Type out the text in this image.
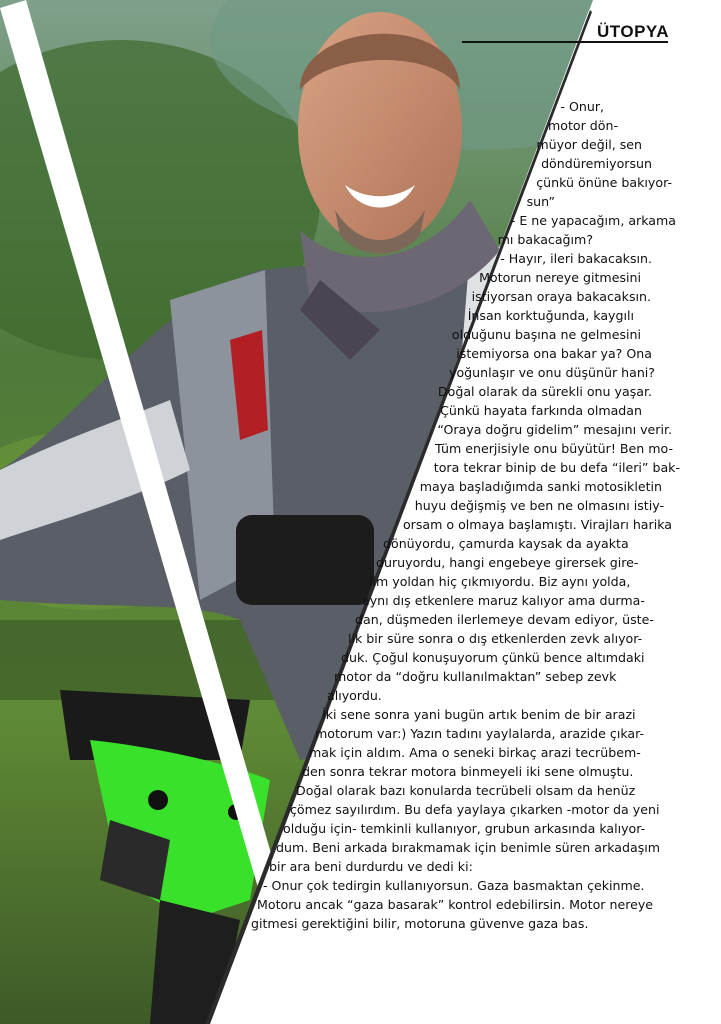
ÜTOPYA
- Onur,
motor dön-
müyor değil, sen
döndüremiyorsun
çünkü önüne bakıyor-
sun”
- E ne yapacağım, arkama
mı bakacağım?
- Hayır, ileri bakacaksın.
Motorun nereye gitmesini
istiyorsan oraya bakacaksın.
İnsan korktuğunda, kaygılı
olduğunu başına ne gelmesini
istemiyorsa ona bakar ya? Ona
yoğunlaşır ve onu düşünür hani?
Doğal olarak da sürekli onu yaşar.
Çünkü hayata farkında olmadan
“Oraya doğru gidelim” mesajını verir.
Tüm enerjisiyle onu büyütür! Ben mo-
tora tekrar binip de bu defa “ileri” bak-
maya başladığımda sanki motosikletin
huyu değişmiş ve ben ne olmasını istiy-
orsam o olmaya başlamıştı. Virajları harika
dönüyordu, çamurda kaysak da ayakta
duruyordu, hangi engebeye girersek gire-
lim yoldan hiç çıkmıyordu. Biz aynı yolda,
aynı dış etkenlere maruz kalıyor ama durma-
dan, düşmeden ilerlemeye devam ediyor, üste-
lik bir süre sonra o dış etkenlerden zevk alıyor-
duk. Çoğul konuşuyorum çünkü bence altımdaki
motor da “doğru kullanılmaktan” sebep zevk
alıyordu.
İki sene sonra yani bugün artık benim de bir arazi
motorum var:) Yazın tadını yaylalarda, arazide çıkar-
mak için aldım. Ama o seneki birkaç arazi tecrübem-
den sonra tekrar motora binmeyeli iki sene olmuştu.
Doğal olarak bazı konularda tecrübeli olsam da henüz
çömez sayılırdım. Bu defa yaylaya çıkarken -motor da yeni
olduğu için- temkinli kullanıyor, grubun arkasında kalıyor-
dum. Beni arkada bırakmamak için benimle süren arkadaşım
bir ara beni durdurdu ve dedi ki:
- Onur çok tedirgin kullanıyorsun. Gaza basmaktan çekinme.
Motoru ancak “gaza basarak” kontrol edebilirsin. Motor nereye
gitmesi gerektiğini bilir, motoruna güvenve gaza bas.
